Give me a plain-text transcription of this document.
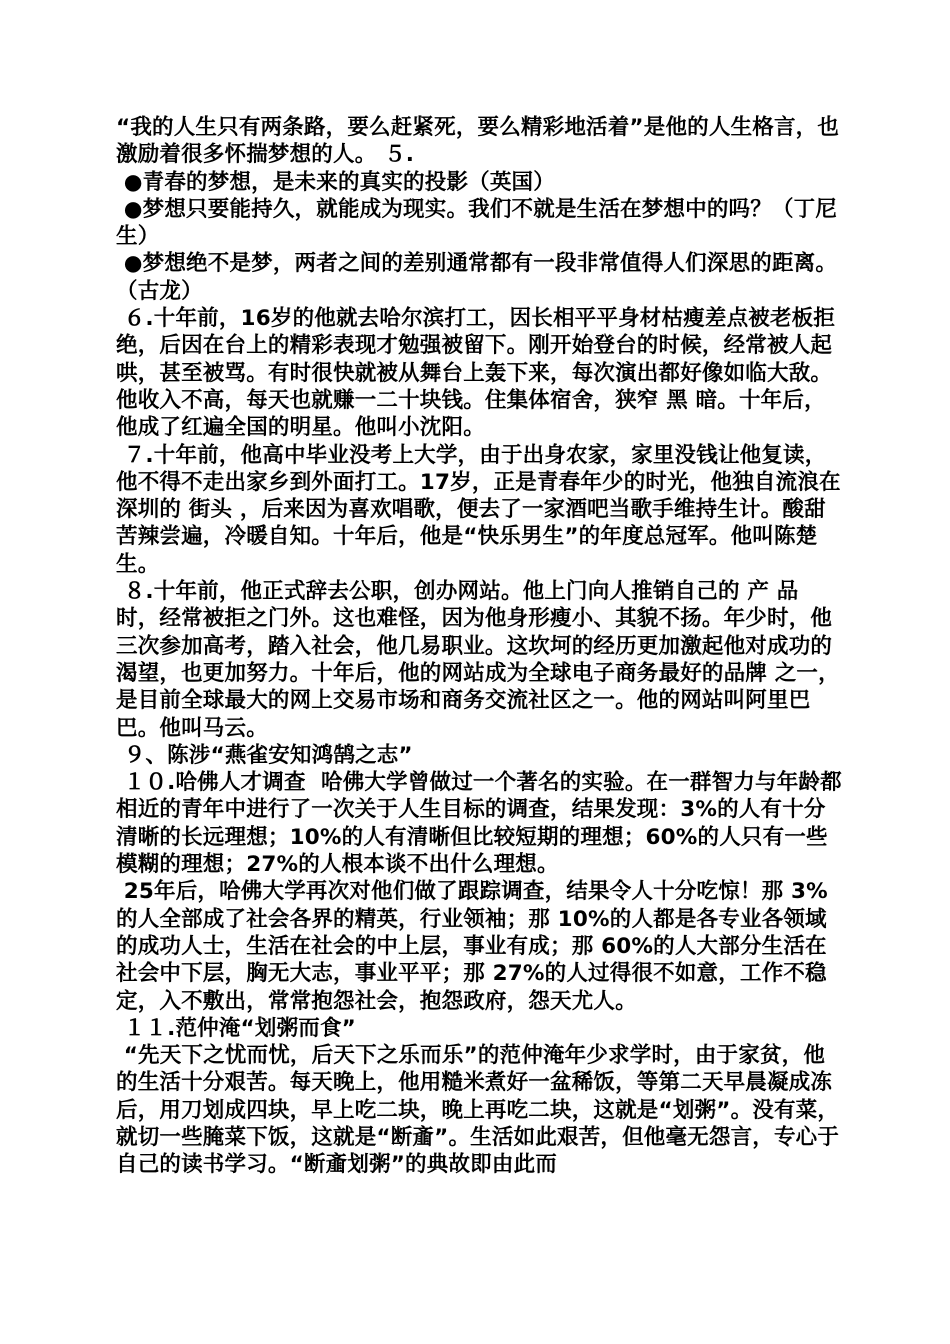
“我的人生只有两条路，要么赶紧死，要么精彩地活着”是他的人生格言，也激励着很多怀揣梦想的人。 ５.

●青春的梦想，是未来的真实的投影（英国）

●梦想只要能持久，就能成为现实。我们不就是生活在梦想中的吗？（丁尼生）

●梦想绝不是梦，两者之间的差别通常都有一段非常值得人们深思的距离。（古龙）

６.十年前，16岁的他就去哈尔滨打工，因长相平平身材枯瘦差点被老板拒绝，后因在台上的精彩表现才勉强被留下。刚开始登台的时候，经常被人起哄，甚至被骂。有时很快就被从舞台上轰下来，每次演出都好像如临大敌。他收入不高，每天也就赚一二十块钱。住集体宿舍，狭窄 黑 暗。十年后，他成了红遍全国的明星。他叫小沈阳。

７.十年前，他高中毕业没考上大学，由于出身农家，家里没钱让他复读，他不得不走出家乡到外面打工。17岁，正是青春年少的时光，他独自流浪在深圳的 街头 ，后来因为喜欢唱歌，便去了一家酒吧当歌手维持生计。酸甜苦辣尝遍，冷暖自知。十年后，他是“快乐男生”的年度总冠军。他叫陈楚生。

８.十年前，他正式辞去公职，创办网站。他上门向人推销自己的 产 品 时，经常被拒之门外。这也难怪，因为他身形瘦小、其貌不扬。年少时，他三次参加高考，踏入社会，他几易职业。这坎坷的经历更加激起他对成功的渴望，也更加努力。十年后，他的网站成为全球电子商务最好的品牌 之一，是目前全球最大的网上交易市场和商务交流社区之一。他的网站叫阿里巴巴。他叫马云。

９、陈涉“燕雀安知鸿鹄之志”

１０.哈佛人才调查  哈佛大学曾做过一个著名的实验。在一群智力与年龄都相近的青年中进行了一次关于人生目标的调查，结果发现：3%的人有十分清晰的长远理想；10%的人有清晰但比较短期的理想；60%的人只有一些模糊的理想；27%的人根本谈不出什么理想。

25年后，哈佛大学再次对他们做了跟踪调查，结果令人十分吃惊！那 3%的人全部成了社会各界的精英，行业领袖；那 10%的人都是各专业各领域的成功人士，生活在社会的中上层，事业有成；那 60%的人大部分生活在社会中下层，胸无大志，事业平平；那 27%的人过得很不如意，工作不稳定，入不敷出，常常抱怨社会，抱怨政府，怨天尤人。

１１.范仲淹“划粥而食”

“先天下之忧而忧，后天下之乐而乐”的范仲淹年少求学时，由于家贫，他的生活十分艰苦。每天晚上，他用糙米煮好一盆稀饭，等第二天早晨凝成冻后，用刀划成四块，早上吃二块，晚上再吃二块，这就是“划粥”。没有菜，就切一些腌菜下饭，这就是“断齑”。生活如此艰苦，但他毫无怨言，专心于自己的读书学习。“断齑划粥”的典故即由此而
